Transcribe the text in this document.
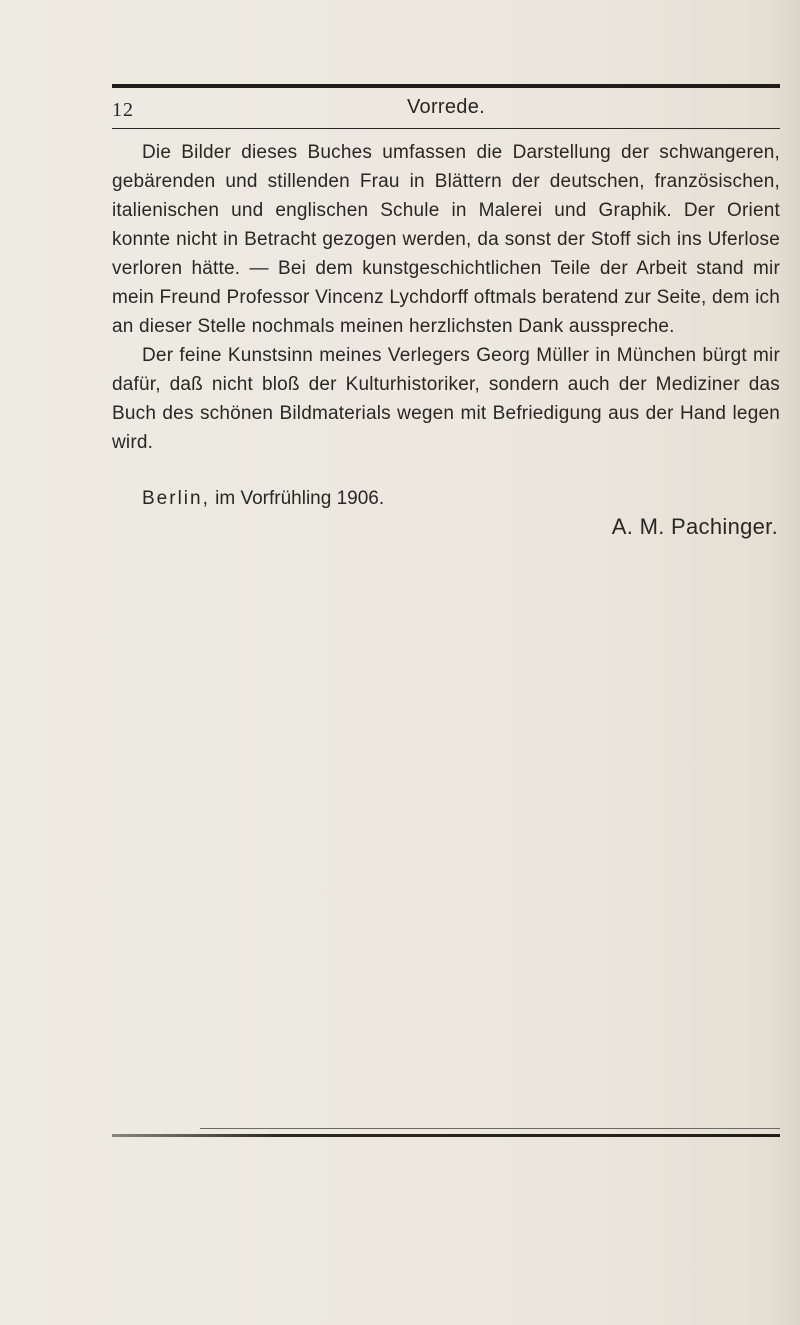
12	Vorrede.

Die Bilder dieses Buches umfassen die Darstellung der schwangeren, gebärenden und stillenden Frau in Blättern der deutschen, französischen, italienischen und englischen Schule in Malerei und Graphik. Der Orient konnte nicht in Betracht gezogen werden, da sonst der Stoff sich ins Uferlose verloren hätte. — Bei dem kunstgeschichtlichen Teile der Arbeit stand mir mein Freund Professor Vincenz Lychdorff oftmals beratend zur Seite, dem ich an dieser Stelle nochmals meinen herzlichsten Dank ausspreche.

Der feine Kunstsinn meines Verlegers Georg Müller in München bürgt mir dafür, daß nicht bloß der Kulturhistoriker, sondern auch der Mediziner das Buch des schönen Bildmaterials wegen mit Befriedigung aus der Hand legen wird.

Berlin, im Vorfrühling 1906.
A. M. Pachinger.
